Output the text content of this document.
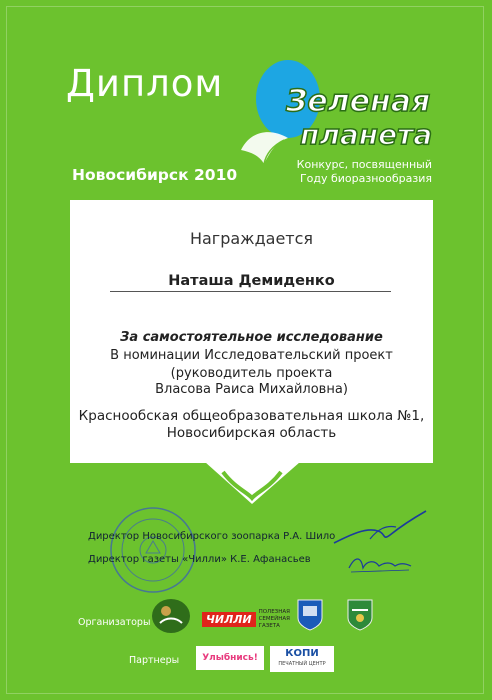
Диплом Зеленая
планета
Конкурс, посвященный
Году биоразнообразия
Новосибирск 2010
Награждается
Наташа Демиденко
За самостоятельное исследование
В номинации Исследовательский проект
(руководитель проекта
Власова Раиса Михайловна)
Краснообская общеобразовательная школа №1,
Новосибирская область
Директор Новосибирского зоопарка Р.А. Шило
Директор газеты «Чилли» К.Е. Афанасьев
Организаторы
Партнеры
ЧИЛЛИ
ПОЛЕЗНАЯ
СЕМЕЙНАЯ
ГАЗЕТА
Улыбнись!	КОПИ
ПЕЧАТНЫЙ ЦЕНТР
